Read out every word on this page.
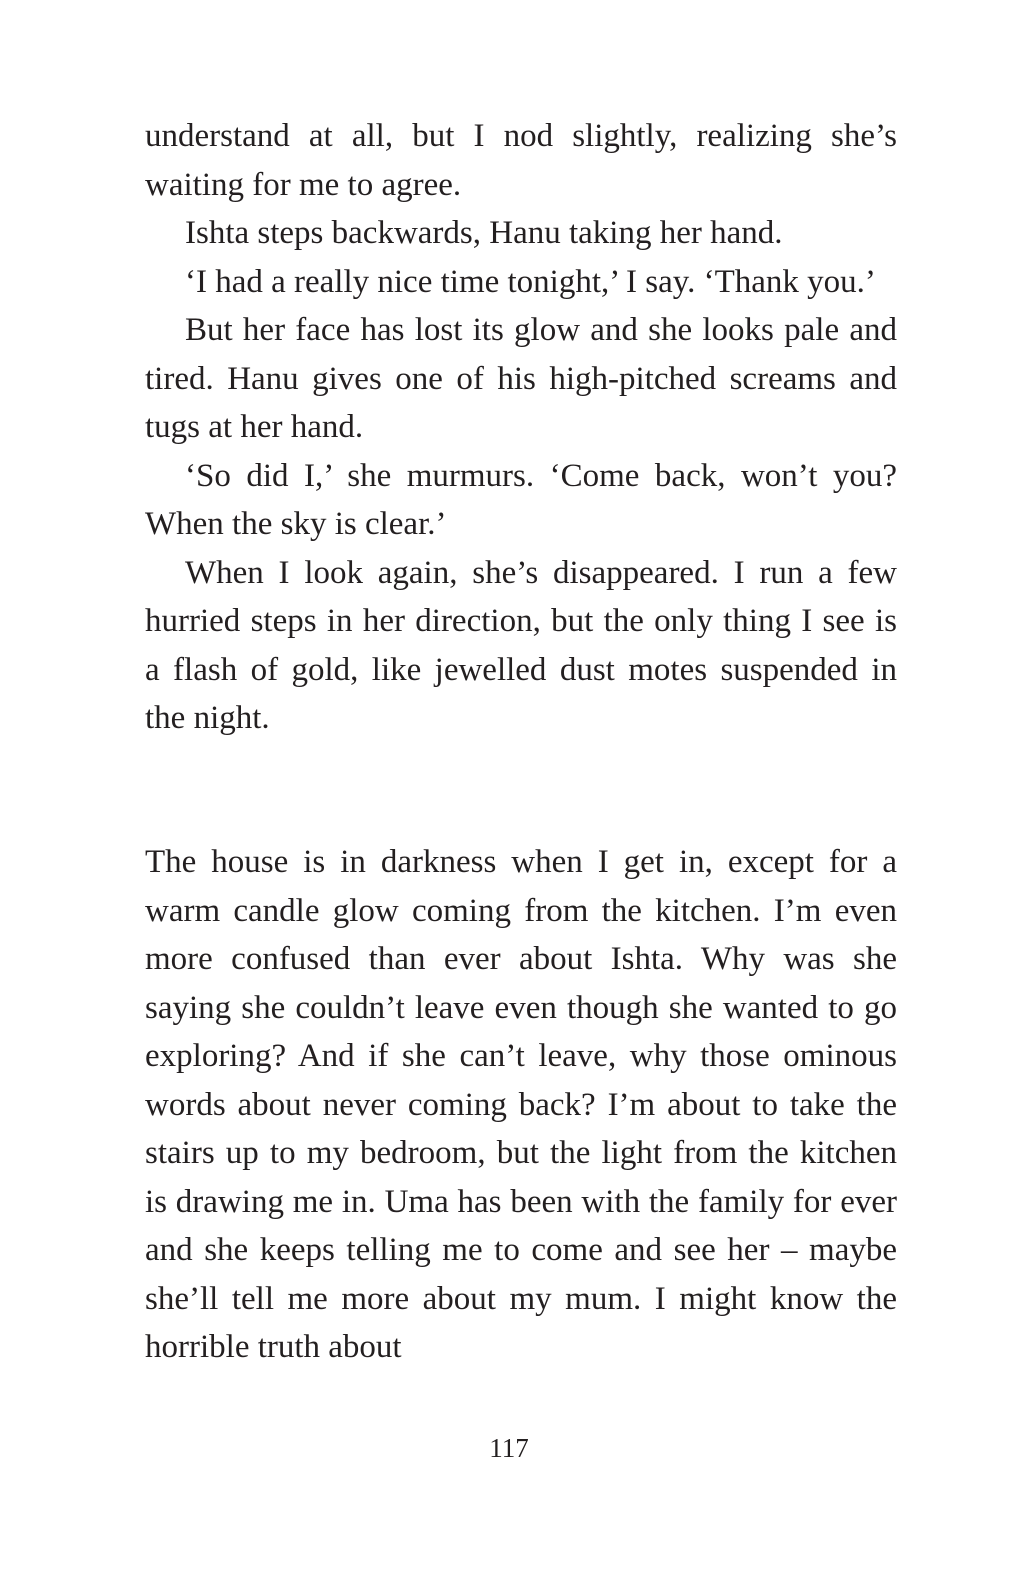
understand at all, but I nod slightly, realizing she’s waiting for me to agree.

Ishta steps backwards, Hanu taking her hand.

‘I had a really nice time tonight,’ I say. ‘Thank you.’

But her face has lost its glow and she looks pale and tired. Hanu gives one of his high-pitched screams and tugs at her hand.

‘So did I,’ she murmurs. ‘Come back, won’t you? When the sky is clear.’

When I look again, she’s disappeared. I run a few hurried steps in her direction, but the only thing I see is a flash of gold, like jewelled dust motes suspended in the night.

The house is in darkness when I get in, except for a warm candle glow coming from the kitchen. I’m even more confused than ever about Ishta. Why was she saying she couldn’t leave even though she wanted to go exploring? And if she can’t leave, why those ominous words about never coming back? I’m about to take the stairs up to my bedroom, but the light from the kitchen is drawing me in. Uma has been with the family for ever and she keeps telling me to come and see her – maybe she’ll tell me more about my mum. I might know the horrible truth about

117
